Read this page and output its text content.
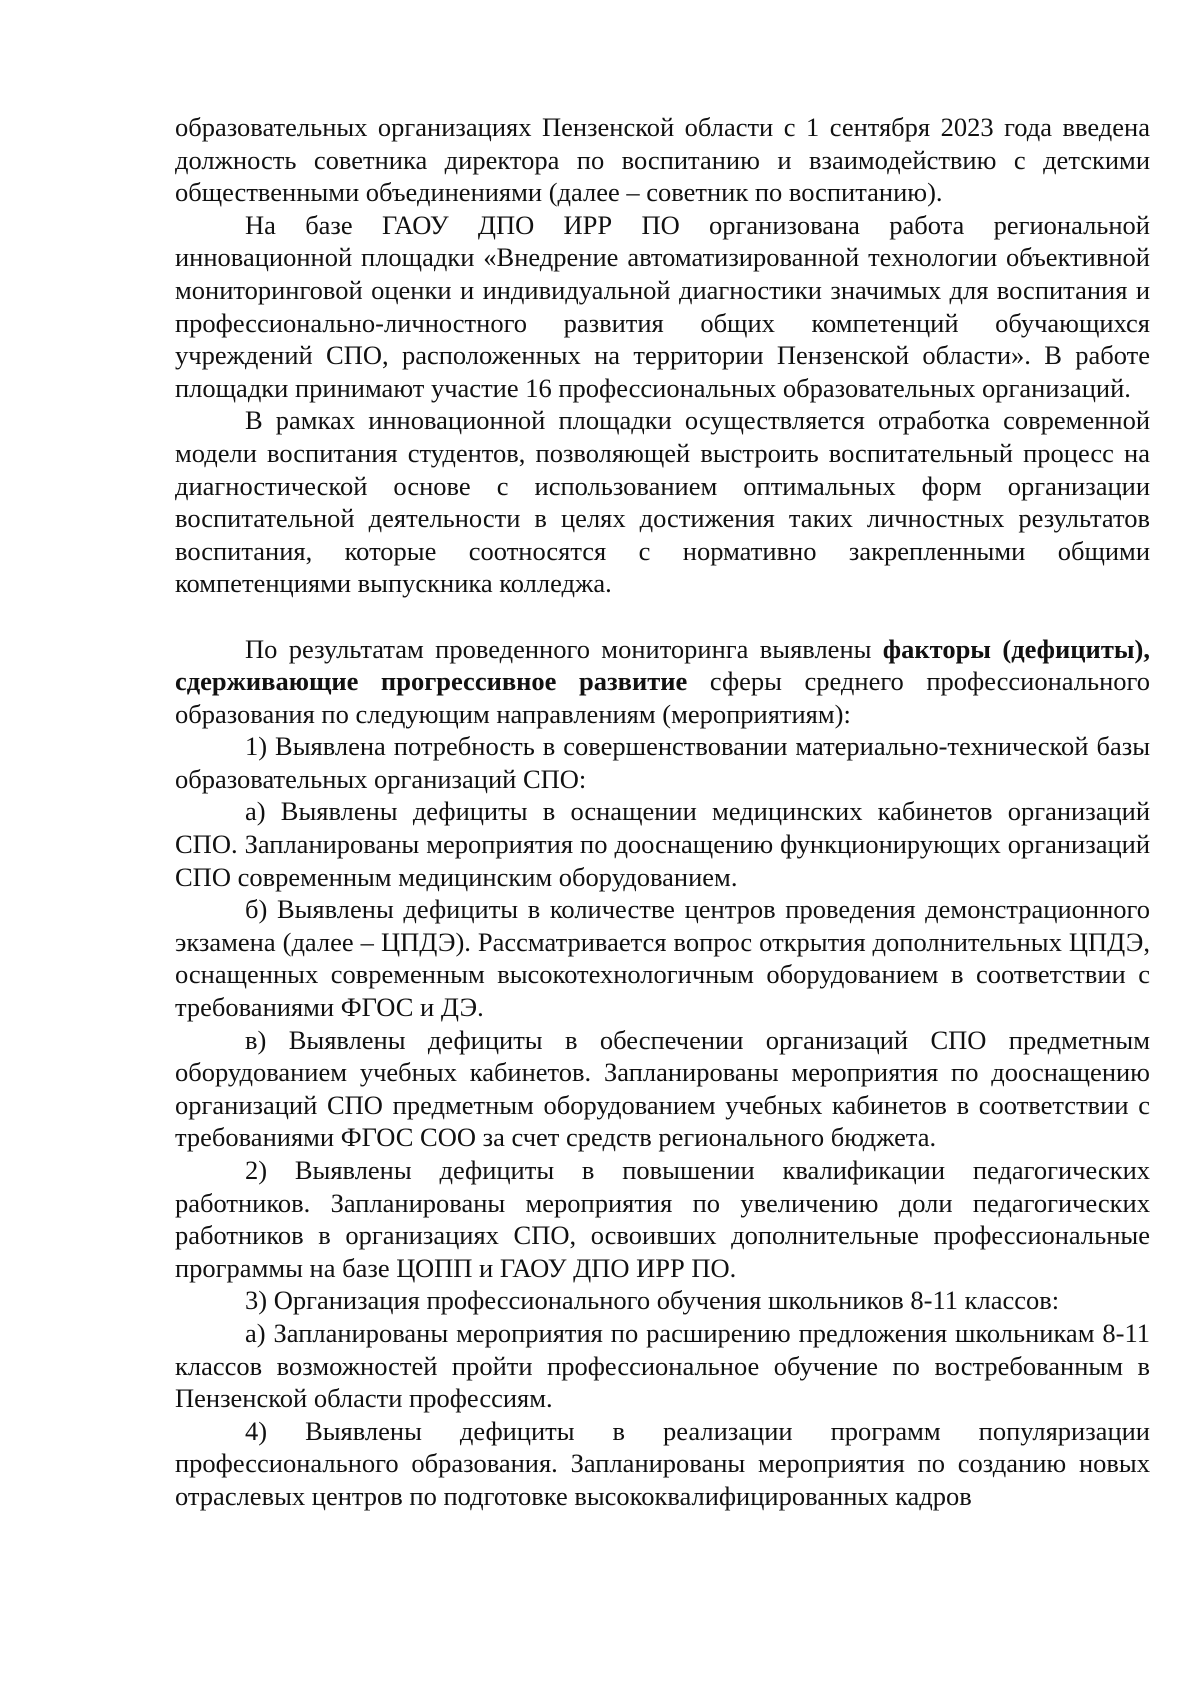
образовательных организациях Пензенской области с 1 сентября 2023 года введена должность советника директора по воспитанию и взаимодействию с детскими общественными объединениями (далее – советник по воспитанию).

На базе ГАОУ ДПО ИРР ПО организована работа региональной инновационной площадки «Внедрение автоматизированной технологии объективной мониторинговой оценки и индивидуальной диагностики значимых для воспитания и профессионально-личностного развития общих компетенций обучающихся учреждений СПО, расположенных на территории Пензенской области». В работе площадки принимают участие 16 профессиональных образовательных организаций.

В рамках инновационной площадки осуществляется отработка современной модели воспитания студентов, позволяющей выстроить воспитательный процесс на диагностической основе с использованием оптимальных форм организации воспитательной деятельности в целях достижения таких личностных результатов воспитания, которые соотносятся с нормативно закрепленными общими компетенциями выпускника колледжа.

По результатам проведенного мониторинга выявлены факторы (дефициты), сдерживающие прогрессивное развитие сферы среднего профессионального образования по следующим направлениям (мероприятиям):

1) Выявлена потребность в совершенствовании материально-технической базы образовательных организаций СПО:

а) Выявлены дефициты в оснащении медицинских кабинетов организаций СПО. Запланированы мероприятия по дооснащению функционирующих организаций СПО современным медицинским оборудованием.

б) Выявлены дефициты в количестве центров проведения демонстрационного экзамена (далее – ЦПДЭ). Рассматривается вопрос открытия дополнительных ЦПДЭ, оснащенных современным высокотехнологичным оборудованием в соответствии с требованиями ФГОС и ДЭ.

в) Выявлены дефициты в обеспечении организаций СПО предметным оборудованием учебных кабинетов. Запланированы мероприятия по дооснащению организаций СПО предметным оборудованием учебных кабинетов в соответствии с требованиями ФГОС СОО за счет средств регионального бюджета.

2) Выявлены дефициты в повышении квалификации педагогических работников. Запланированы мероприятия по увеличению доли педагогических работников в организациях СПО, освоивших дополнительные профессиональные программы на базе ЦОПП и ГАОУ ДПО ИРР ПО.

3) Организация профессионального обучения школьников 8-11 классов:

а) Запланированы мероприятия по расширению предложения школьникам 8-11 классов возможностей пройти профессиональное обучение по востребованным в Пензенской области профессиям.

4) Выявлены дефициты в реализации программ популяризации профессионального образования. Запланированы мероприятия по созданию новых отраслевых центров по подготовке высококвалифицированных кадров
